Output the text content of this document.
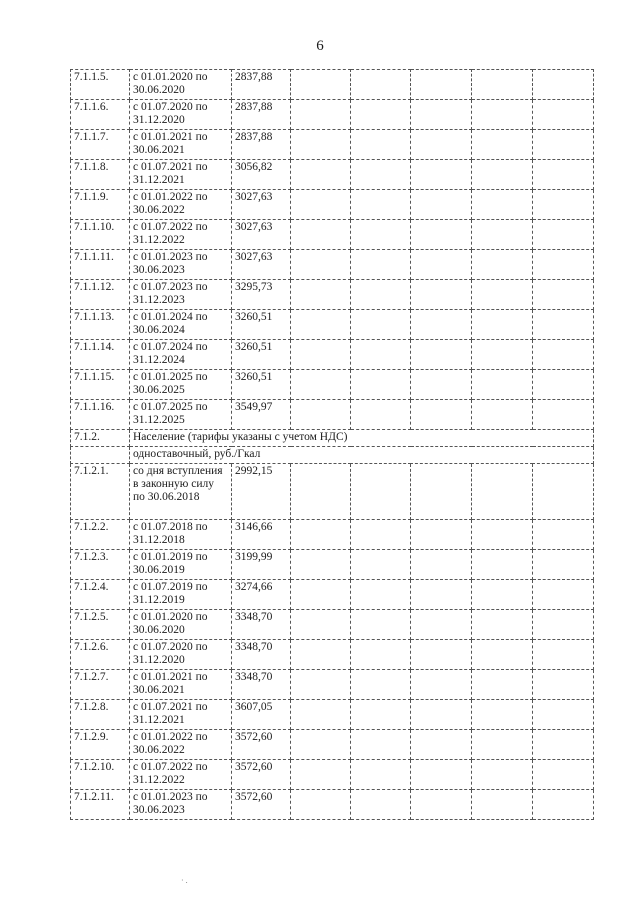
6
7.1.1.5.	с 01.01.2020 по 30.06.2020	2837,88					
7.1.1.6.	с 01.07.2020 по 31.12.2020	2837,88					
7.1.1.7.	с 01.01.2021 по 30.06.2021	2837,88					
7.1.1.8.	с 01.07.2021 по 31.12.2021	3056,82					
7.1.1.9.	с 01.01.2022 по 30.06.2022	3027,63					
7.1.1.10.	с 01.07.2022 по 31.12.2022	3027,63					
7.1.1.11.	с 01.01.2023 по 30.06.2023	3027,63					
7.1.1.12.	с 01.07.2023 по 31.12.2023	3295,73					
7.1.1.13.	с 01.01.2024 по 30.06.2024	3260,51					
7.1.1.14.	с 01.07.2024 по 31.12.2024	3260,51					
7.1.1.15.	с 01.01.2025 по 30.06.2025	3260,51					
7.1.1.16.	с 01.07.2025 по 31.12.2025	3549,97					
7.1.2.	Население (тарифы указаны с учетом НДС)						
	одноставочный, руб./Гкал						
7.1.2.1.	со дня вступления в законную силу по 30.06.2018	2992,15					
7.1.2.2.	с 01.07.2018 по 31.12.2018	3146,66					
7.1.2.3.	с 01.01.2019 по 30.06.2019	3199,99					
7.1.2.4.	с 01.07.2019 по 31.12.2019	3274,66					
7.1.2.5.	с 01.01.2020 по 30.06.2020	3348,70					
7.1.2.6.	с 01.07.2020 по 31.12.2020	3348,70					
7.1.2.7.	с 01.01.2021 по 30.06.2021	3348,70					
7.1.2.8.	с 01.07.2021 по 31.12.2021	3607,05					
7.1.2.9.	с 01.01.2022 по 30.06.2022	3572,60					
7.1.2.10.	с 01.07.2022 по 31.12.2022	3572,60					
7.1.2.11.	с 01.01.2023 по 30.06.2023	3572,60					
· .
